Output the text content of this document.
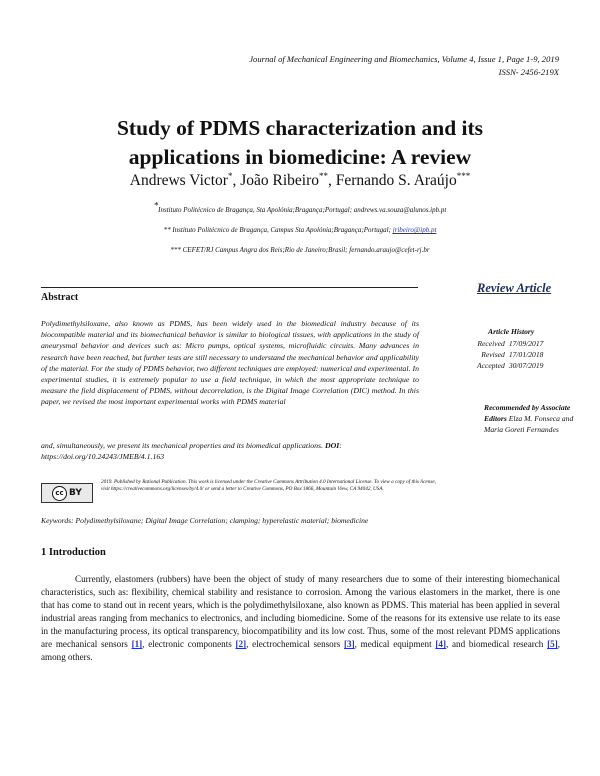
Journal of Mechanical Engineering and Biomechanics, Volume 4, Issue 1, Page 1-9, 2019
ISSN- 2456-219X
Study of PDMS characterization and its
applications in biomedicine: A review
Andrews Victor*, João Ribeiro**, Fernando S. Araújo***
*Instituto Politécnico de Bragança, Sta Apolónia;Bragança;Portugal; andrews.va.souza@alunos.ipb.pt
** Instituto Politécnico de Bragança, Campus Sta Apolónia;Bragança;Portugal; jribeiro@ipb.pt
*** CEFET/RJ Campus Angra dos Reis;Rio de Janeiro;Brasil; fernando.araujo@cefet-rj.br
Abstract
Polydimethylsiloxane, also known as PDMS, has been widely used in the biomedical industry because of its biocompatible material and its biomechanical behavior is similar to biological tissues, with applications in the study of aneurysmal behavior and devices such as: Micro pumps, optical systems, microfluidic circuits. Many advances in research have been reached, but further tests are still necessary to understand the mechanical behavior and applicability of the material. For the study of PDMS behavior, two different techniques are employed: numerical and experimental. In experimental studies, it is extremely popular to use a field technique, in which the most appropriate technique to measure the field displacement of PDMS, without decorrelation, is the Digital Image Correlation (DIC) method. In this paper, we revised the most important experimental works with PDMS material
and, simultaneously, we present its mechanical properties and its biomedical applications. DOI: https://doi.org/10.24243/JMEB/4.1.163
Review Article
Article History
Received	17/09/2017
Revised	17/01/2018
Accepted	30/07/2019
Recommended by Associate Editors Elza M. Fonseca and Maria Goreti Fernandes
cc BY
2019. Published by Rational Publication. This work is licensed under the Creative Commons Attribution 4.0 International License. To view a copy of this license, visit https://creativecommons.org/licenses/by/4.0/ or send a letter to Creative Commons, PO Box 1866, Mountain View, CA 94042, USA.
Keywords: Polydimethylsiloxane; Digital Image Correlation; clamping; hyperelastic material; biomedicine
1 Introduction
Currently, elastomers (rubbers) have been the object of study of many researchers due to some of their interesting biomechanical characteristics, such as: flexibility, chemical stability and resistance to corrosion. Among the various elastomers in the market, there is one that has come to stand out in recent years, which is the polydimethylsiloxane, also known as PDMS. This material has been applied in several industrial areas ranging from mechanics to electronics, and including biomedicine. Some of the reasons for its extensive use relate to its ease in the manufacturing process, its optical transparency, biocompatibility and its low cost. Thus, some of the most relevant PDMS applications are mechanical sensors [1], electronic components [2], electrochemical sensors [3], medical equipment [4], and biomedical research [5], among others.
